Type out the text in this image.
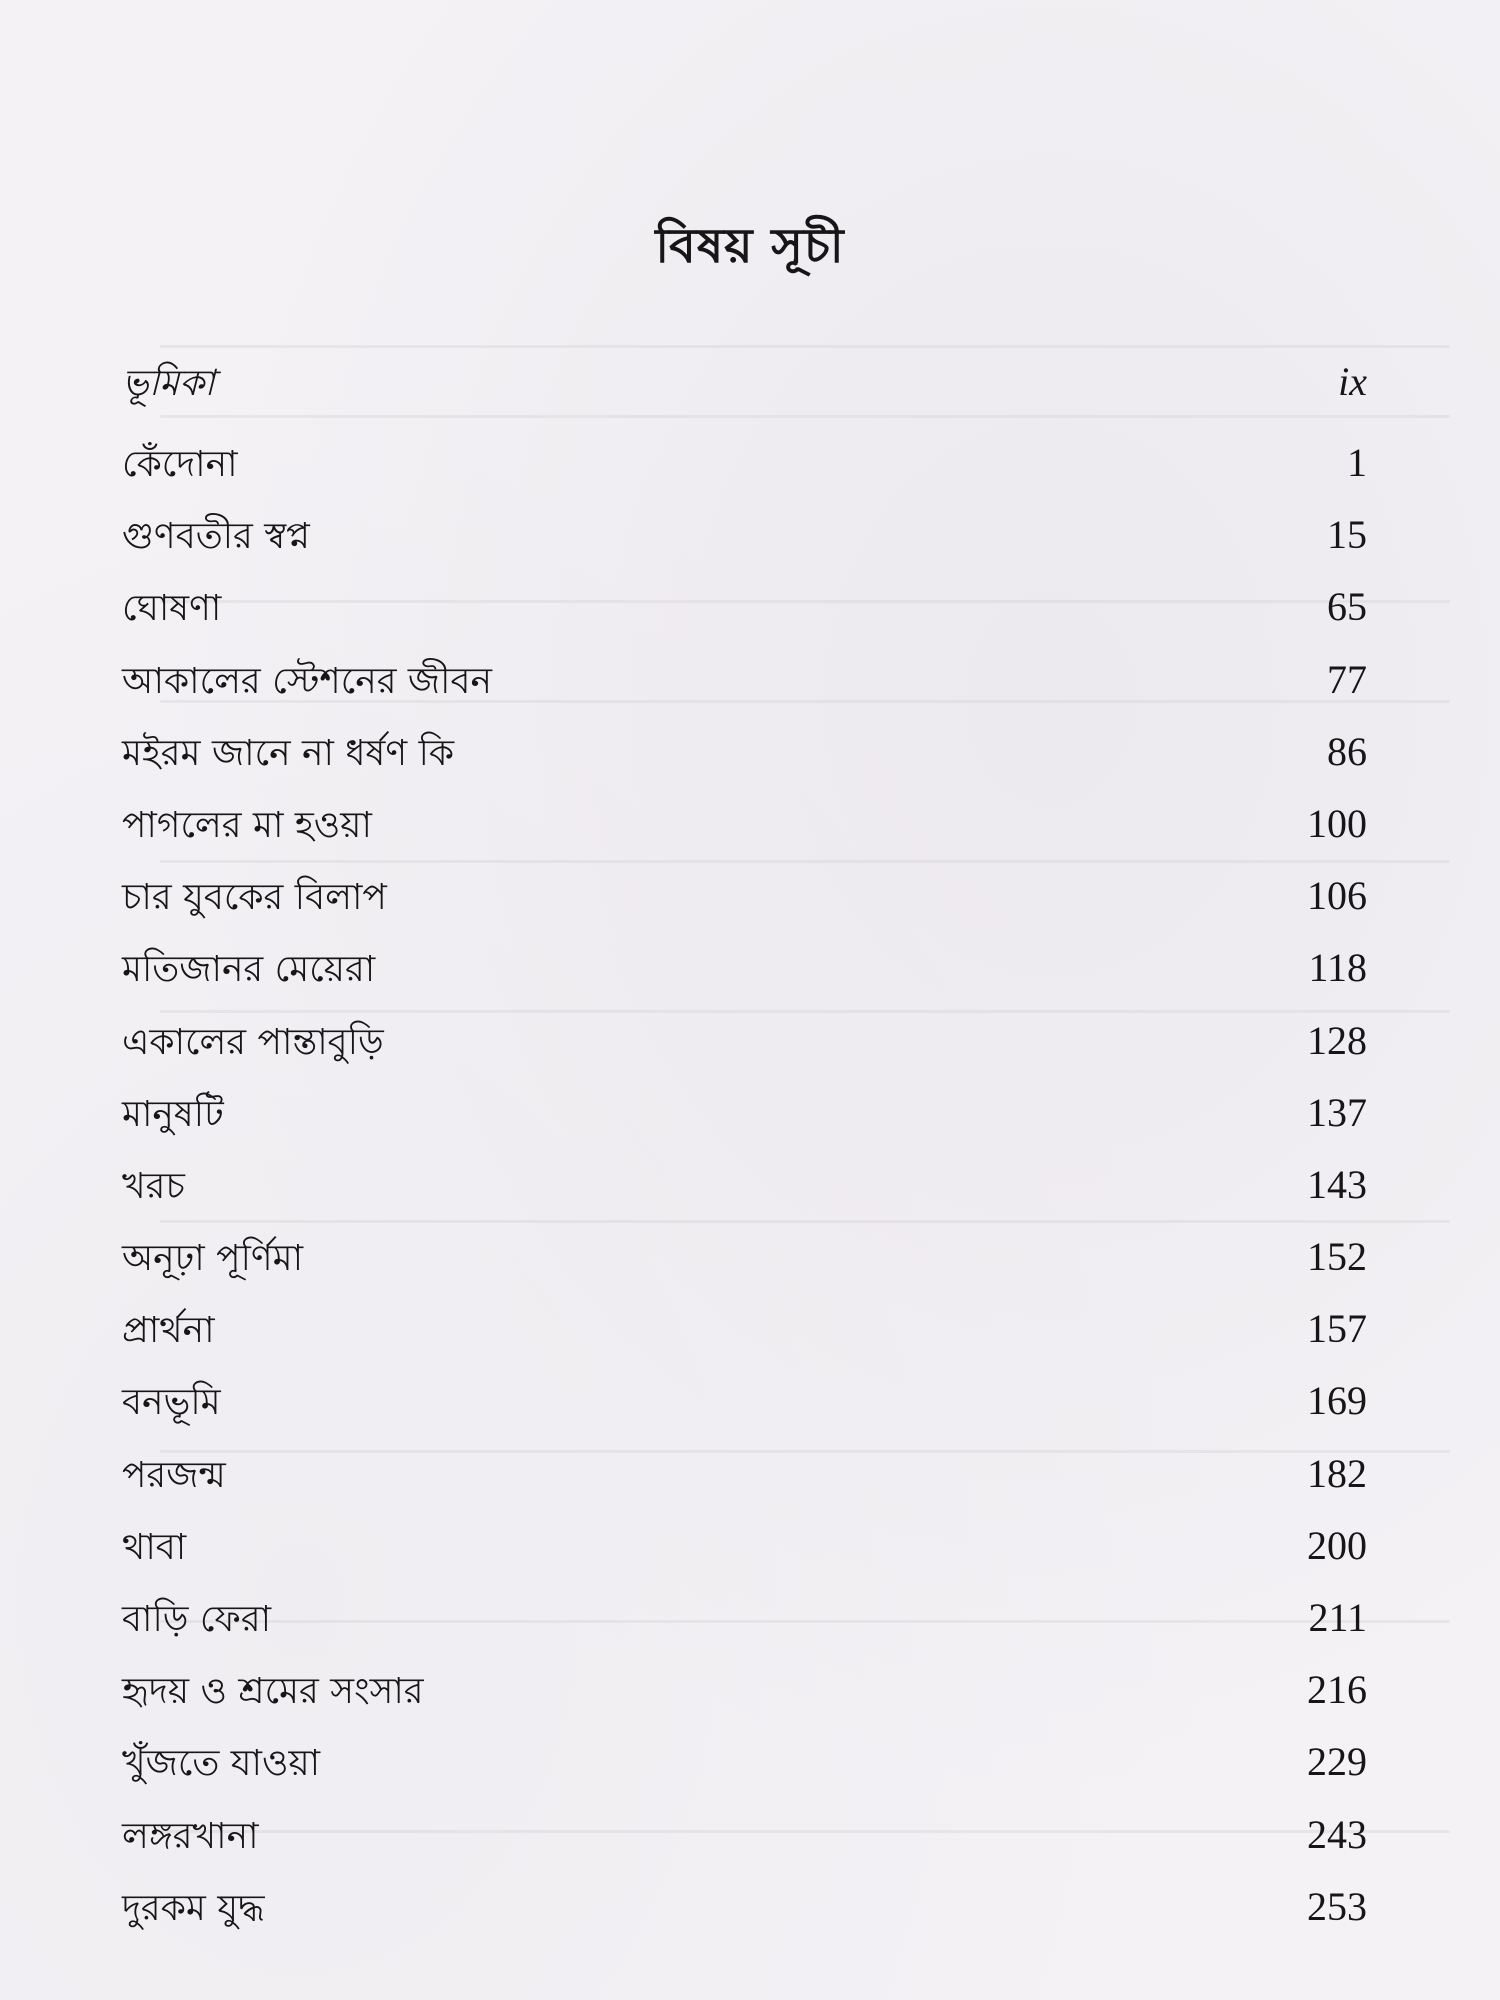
বিষয় সূচী
ভূমিকা	ix
কেঁদোনা	1
গুণবতীর স্বপ্ন	15
ঘোষণা	65
আকালের স্টেশনের জীবন	77
মইরম জানে না ধর্ষণ কি	86
পাগলের মা হওয়া	100
চার যুবকের বিলাপ	106
মতিজানর মেয়েরা	118
একালের পান্তাবুড়ি	128
মানুষটি	137
খরচ	143
অনূঢ়া পূর্ণিমা	152
প্রার্থনা	157
বনভূমি	169
পরজন্ম	182
থাবা	200
বাড়ি ফেরা	211
হৃদয় ও শ্রমের সংসার	216
খুঁজতে যাওয়া	229
লঙ্গরখানা	243
দুরকম যুদ্ধ	253
